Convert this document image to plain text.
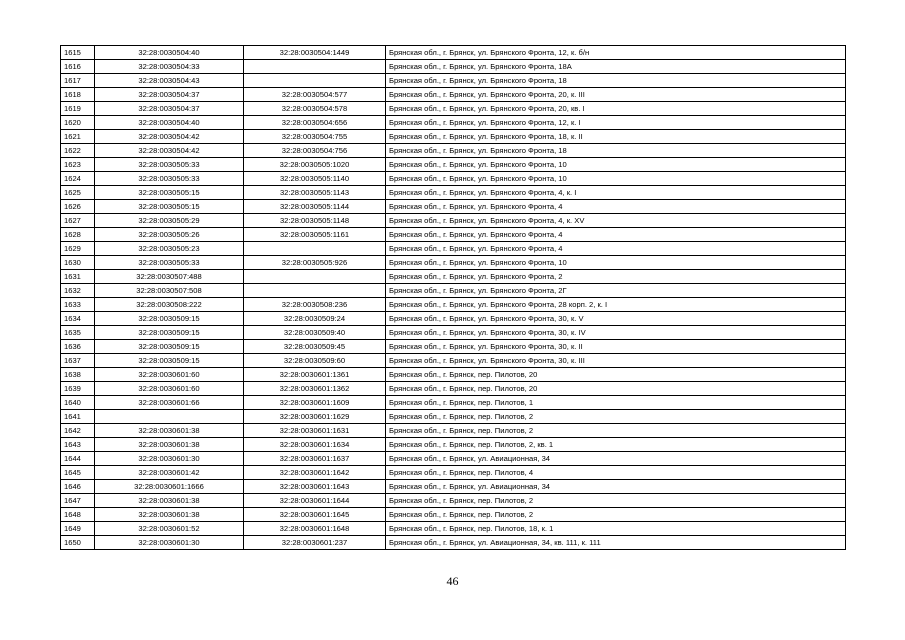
1615	32:28:0030504:40	32:28:0030504:1449	Брянская обл., г. Брянск, ул. Брянского Фронта, 12, к. б/н
1616	32:28:0030504:33		Брянская обл., г. Брянск, ул. Брянского Фронта, 18А
1617	32:28:0030504:43		Брянская обл., г. Брянск, ул. Брянского Фронта, 18
1618	32:28:0030504:37	32:28:0030504:577	Брянская обл., г. Брянск, ул. Брянского Фронта, 20, к. III
1619	32:28:0030504:37	32:28:0030504:578	Брянская обл., г. Брянск, ул. Брянского Фронта, 20, кв. I
1620	32:28:0030504:40	32:28:0030504:656	Брянская обл., г. Брянск, ул. Брянского Фронта, 12, к. I
1621	32:28:0030504:42	32:28:0030504:755	Брянская обл., г. Брянск, ул. Брянского Фронта, 18, к. II
1622	32:28:0030504:42	32:28:0030504:756	Брянская обл., г. Брянск, ул. Брянского Фронта, 18
1623	32:28:0030505:33	32:28:0030505:1020	Брянская обл., г. Брянск, ул. Брянского Фронта, 10
1624	32:28:0030505:33	32:28:0030505:1140	Брянская обл., г. Брянск, ул. Брянского Фронта, 10
1625	32:28:0030505:15	32:28:0030505:1143	Брянская обл., г. Брянск, ул. Брянского Фронта, 4, к. I
1626	32:28:0030505:15	32:28:0030505:1144	Брянская обл., г. Брянск, ул. Брянского Фронта, 4
1627	32:28:0030505:29	32:28:0030505:1148	Брянская обл., г. Брянск, ул. Брянского Фронта, 4, к. XV
1628	32:28:0030505:26	32:28:0030505:1161	Брянская обл., г. Брянск, ул. Брянского Фронта, 4
1629	32:28:0030505:23		Брянская обл., г. Брянск, ул. Брянского Фронта, 4
1630	32:28:0030505:33	32:28:0030505:926	Брянская обл., г. Брянск, ул. Брянского Фронта, 10
1631	32:28:0030507:488		Брянская обл., г. Брянск, ул. Брянского Фронта, 2
1632	32:28:0030507:508		Брянская обл., г. Брянск, ул. Брянского Фронта, 2Г
1633	32:28:0030508:222	32:28:0030508:236	Брянская обл., г. Брянск, ул. Брянского Фронта, 28 корп. 2, к. I
1634	32:28:0030509:15	32:28:0030509:24	Брянская обл., г. Брянск, ул. Брянского Фронта, 30, к. V
1635	32:28:0030509:15	32:28:0030509:40	Брянская обл., г. Брянск, ул. Брянского Фронта, 30, к. IV
1636	32:28:0030509:15	32:28:0030509:45	Брянская обл., г. Брянск, ул. Брянского Фронта, 30, к. II
1637	32:28:0030509:15	32:28:0030509:60	Брянская обл., г. Брянск, ул. Брянского Фронта, 30, к. III
1638	32:28:0030601:60	32:28:0030601:1361	Брянская обл., г. Брянск, пер. Пилотов, 20
1639	32:28:0030601:60	32:28:0030601:1362	Брянская обл., г. Брянск, пер. Пилотов, 20
1640	32:28:0030601:66	32:28:0030601:1609	Брянская обл., г. Брянск, пер. Пилотов, 1
1641		32:28:0030601:1629	Брянская обл., г. Брянск, пер. Пилотов, 2
1642	32:28:0030601:38	32:28:0030601:1631	Брянская обл., г. Брянск, пер. Пилотов, 2
1643	32:28:0030601:38	32:28:0030601:1634	Брянская обл., г. Брянск, пер. Пилотов, 2, кв. 1
1644	32:28:0030601:30	32:28:0030601:1637	Брянская обл., г. Брянск, ул. Авиационная, 34
1645	32:28:0030601:42	32:28:0030601:1642	Брянская обл., г. Брянск, пер. Пилотов, 4
1646	32:28:0030601:1666	32:28:0030601:1643	Брянская обл., г. Брянск, ул. Авиационная, 34
1647	32:28:0030601:38	32:28:0030601:1644	Брянская обл., г. Брянск, пер. Пилотов, 2
1648	32:28:0030601:38	32:28:0030601:1645	Брянская обл., г. Брянск, пер. Пилотов, 2
1649	32:28:0030601:52	32:28:0030601:1648	Брянская обл., г. Брянск, пер. Пилотов, 18, к. 1
1650	32:28:0030601:30	32:28:0030601:237	Брянская обл., г. Брянск, ул. Авиационная, 34, кв. 111, к. 111
46
